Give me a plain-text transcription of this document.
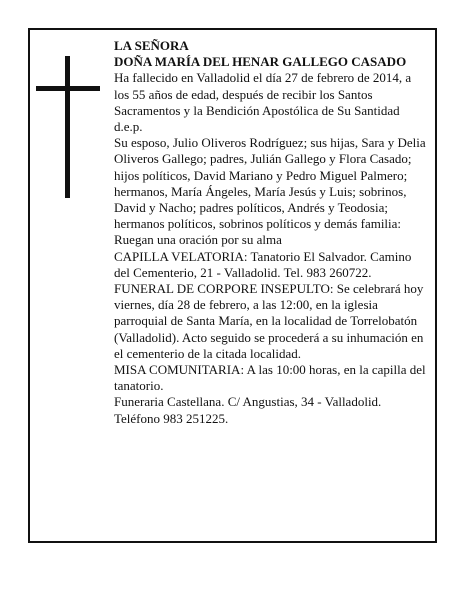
LA SEÑORA

DOÑA MARÍA DEL HENAR GALLEGO CASADO

Ha fallecido en Valladolid el día 27 de febrero de 2014, a los 55 años de edad, después de recibir los Santos Sacramentos y la Bendición Apostólica de Su Santidad

d.e.p.

Su esposo, Julio Oliveros Rodríguez; sus hijas, Sara y Delia Oliveros Gallego; padres, Julián Gallego y Flora Casado; hijos políticos, David Mariano y Pedro Miguel Palmero; hermanos, María Ángeles, María Jesús y Luis; sobrinos, David y Nacho; padres políticos, Andrés y Teodosia; hermanos políticos, sobrinos políticos y demás familia:

Ruegan una oración por su alma

CAPILLA VELATORIA: Tanatorio El Salvador. Camino del Cementerio, 21 - Valladolid. Tel. 983 260722.

FUNERAL DE CORPORE INSEPULTO: Se celebrará hoy viernes, día 28 de febrero, a las 12:00, en la iglesia parroquial de Santa María, en la localidad de Torrelobatón (Valladolid). Acto seguido se procederá a su inhumación en el cementerio de la citada localidad.

MISA COMUNITARIA: A las 10:00 horas, en la capilla del tanatorio.

Funeraria Castellana. C/ Angustias, 34 - Valladolid. Teléfono 983 251225.
